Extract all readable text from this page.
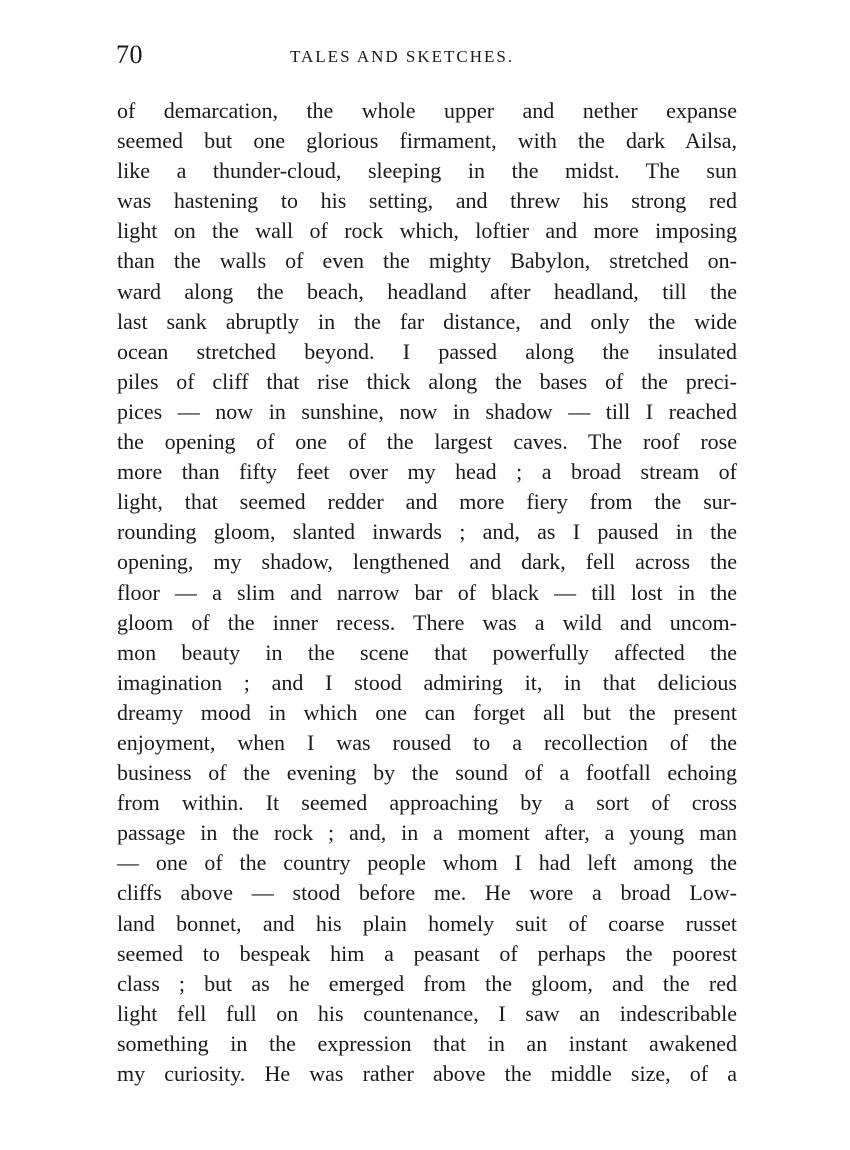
70	TALES AND SKETCHES.
of demarcation, the whole upper and nether expanse
seemed but one glorious firmament, with the dark Ailsa,
like a thunder-cloud, sleeping in the midst. The sun
was hastening to his setting, and threw his strong red
light on the wall of rock which, loftier and more imposing
than the walls of even the mighty Babylon, stretched on-
ward along the beach, headland after headland, till the
last sank abruptly in the far distance, and only the wide
ocean stretched beyond. I passed along the insulated
piles of cliff that rise thick along the bases of the preci-
pices — now in sunshine, now in shadow — till I reached
the opening of one of the largest caves. The roof rose
more than fifty feet over my head ; a broad stream of
light, that seemed redder and more fiery from the sur-
rounding gloom, slanted inwards ; and, as I paused in the
opening, my shadow, lengthened and dark, fell across the
floor — a slim and narrow bar of black — till lost in the
gloom of the inner recess. There was a wild and uncom-
mon beauty in the scene that powerfully affected the
imagination ; and I stood admiring it, in that delicious
dreamy mood in which one can forget all but the present
enjoyment, when I was roused to a recollection of the
business of the evening by the sound of a footfall echoing
from within. It seemed approaching by a sort of cross
passage in the rock ; and, in a moment after, a young man
— one of the country people whom I had left among the
cliffs above — stood before me. He wore a broad Low-
land bonnet, and his plain homely suit of coarse russet
seemed to bespeak him a peasant of perhaps the poorest
class ; but as he emerged from the gloom, and the red
light fell full on his countenance, I saw an indescribable
something in the expression that in an instant awakened
my curiosity. He was rather above the middle size, of a
